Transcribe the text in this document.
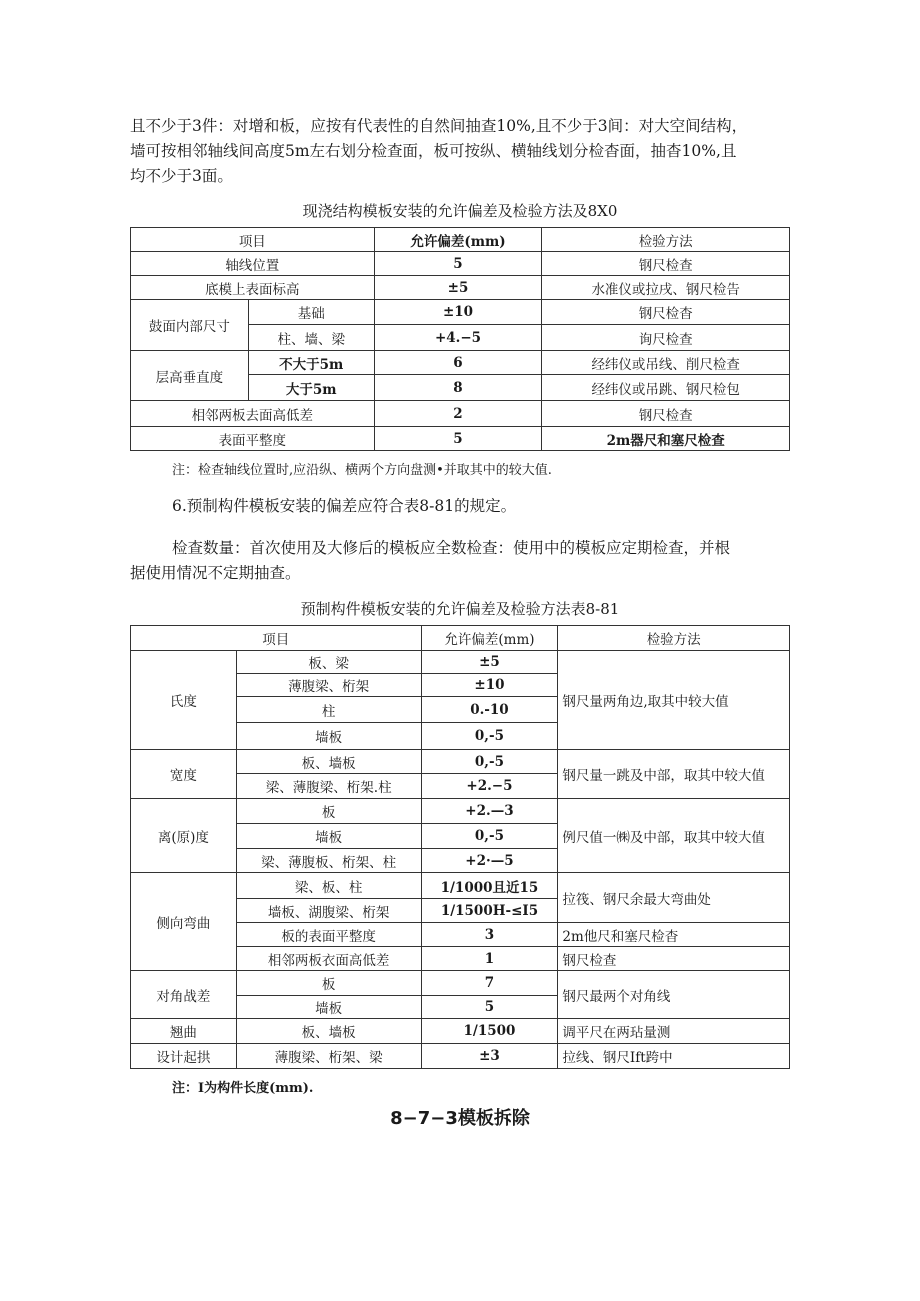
且不少于3件：对增和板，应按有代表性的自然间抽查10%,且不少于3间：对大空间结构，

墙可按相邻轴线间高度5m左右划分检查面，板可按纵、横轴线划分检杳面，抽杳10%,且

均不少于3面。

现浇结构模板安装的允许偏差及检验方法及8X0

项目		允许偏差(mm)	检验方法
轴线位置		5	钢尺检查
底模上表面标高		±5	水准仪或拉戌、钢尺检告
鼓面内部尺寸	基础	±10	钢尺检杳
	柱、墙、梁	+4.−5	询尺检查
层高垂直度	不大于5m	6	经纬仪或吊线、削尺检查
	大于5m	8	经纬仪或吊跳、钢尺检包
相邻两板去面高低差		2	钢尺检查
表面平整度		5	2m器尺和塞尺检查

注：检查轴线位置时,应沿纵、横两个方向盘测•并取其中的较大值.

6.预制构件模板安装的偏差应符合表8-81的规定。

检查数量：首次使用及大修后的模板应全数检查：使用中的模板应定期检查，并根

据使用情况不定期抽查。

预制构件模板安装的允许偏差及检验方法表8-81

项目		允许偏差(mm)	检验方法
氏度	板、梁	±5	钢尺量两角边,取其中较大值
	薄腹梁、桁架	±10	
	柱	0.-10	
	墙板	0,-5	
宽度	板、墙板	0,-5	钢尺量一跳及中部，取其中较大值
	梁、薄腹梁、桁架.柱	+2.−5	
离(原)度	板	+2.—3	例尺值一㈱及中部，取其中较大值
	墙板	0,-5	
	梁、薄腹板、桁架、柱	+2·—5	
侧向弯曲	梁、板、柱	1/1000且近15	拉筏、钢尺余最大弯曲处
	墙板、湖腹梁、桁架	1/1500H-≤I5	
	板的表面平整度	3	2m他尺和塞尺检杳
	相邻两板衣面高低差	1	钢尺检查
对角战差	板	7	钢尺最两个对角线
	墙板	5	
翘曲	板、墙板	1/1500	调平尺在两玷量测
设计起拱	薄腹梁、桁架、梁	±3	拉线、钢尺Ift跨中

注：I为构件长度(mm).

8−7−3模板拆除
